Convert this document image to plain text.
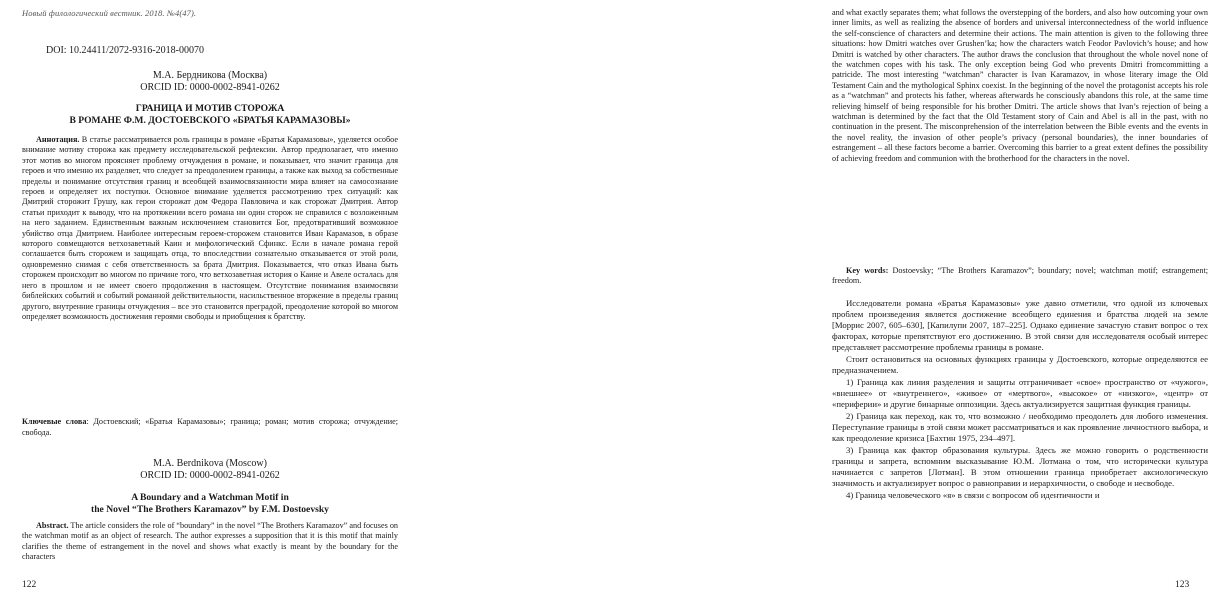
Новый филологический вестник. 2018. №4(47).
DOI: 10.24411/2072-9316-2018-00070
М.А. Бердникова (Москва)
ORCID ID: 0000-0002-8941-0262
ГРАНИЦА И МОТИВ СТОРОЖА
В РОМАНЕ Ф.М. ДОСТОЕВСКОГО «БРАТЬЯ КАРАМАЗОВЫ»

Аннотация. В статье рассматривается роль границы в романе «Братья Карамазовы», уделяется особое внимание мотиву сторожа как предмету исследовательской рефлексии. Автор предполагает, что именно этот мотив во многом проясняет проблему отчуждения в романе, и показывает, что значит граница для героев и что именно их разделяет, что следует за преодолением границы, а также как выход за собственные пределы и понимание отсутствия границ и всеобщей взаимосвязанности мира влияет на самосознание героев и определяет их поступки. Основное внимание уделяется рассмотрению трех ситуаций: как Дмитрий сторожит Грушу, как герои сторожат дом Федора Павловича и как сторожат Дмитрия. Автор статьи приходит к выводу, что на протяжении всего романа ни один сторож не справился с возложенным на него заданием. Единственным важным исключением становится Бог, предотвративший возможное убийство отца Дмитрием. Наиболее интересным героем-сторожем становится Иван Карамазов, в образе которого совмещаются ветхозаветный Каин и мифологический Сфинкс. Если в начале романа герой соглашается быть сторожем и защищать отца, то впоследствии сознательно отказывается от этой роли, одновременно снимая с себя ответственность за брата Дмитрия. Показывается, что отказ Ивана быть сторожем происходит во многом по причине того, что ветхозаветная история о Каине и Авеле осталась для него в прошлом и не имеет своего продолжения в настоящем. Отсутствие понимания взаимосвязи библейских событий и событий романной действительности, насильственное вторжение в пределы границ другого, внутренние границы отчуждения – все это становится преградой, преодоление которой во многом определяет возможность достижения героями свободы и приобщения к братству.

Ключевые слова: Достоевский; «Братья Карамазовы»; граница; роман; мотив сторожа; отчуждение; свобода.

M.A. Berdnikova (Moscow)
ORCID ID: 0000-0002-8941-0262
A Boundary and a Watchman Motif in
the Novel “The Brothers Karamazov” by F.M. Dostoevsky

Abstract. The article considers the role of “boundary” in the novel “The Brothers Karamazov” and focuses on the watchman motif as an object of research. The author expresses a supposition that it is this motif that mainly clarifies the theme of estrangement in the novel and shows what exactly is meant by the boundary for the characters

122
and what exactly separates them; what follows the overstepping of the borders, and also how outcoming your own inner limits, as well as realizing the absence of borders and universal interconnectedness of the world influence the self-conscience of characters and determine their actions. The main attention is given to the following three situations: how Dmitri watches over Grushen’ka; how the characters watch Feodor Pavlovich’s house; and how Dmitri is watched by other characters. The author draws the conclusion that throughout the whole novel none of the watchmen copes with his task. The only exception being God who prevents Dmitri fromcommitting a patricide. The most interesting “watchman” character is Ivan Karamazov, in whose literary image the Old Testament Cain and the mythological Sphinx coexist. In the beginning of the novel the protagonist accepts his role as a “watchman” and protects his father, whereas afterwards he consciously abandons this role, at the same time relieving himself of being responsible for his brother Dmitri. The article shows that Ivan’s rejection of being a watchman is determined by the fact that the Old Testament story of Cain and Abel is all in the past, with no continuation in the present. The misconprehension of the interrelation between the Bible events and the events in the novel reality, the invasion of other people’s privacy (personal boundaries), the inner boundaries of estrangement – all these factors become a barrier. Overcoming this barrier to a great extent defines the possibility of achieving freedom and communion with the brotherhood for the characters in the novel.

Key words: Dostoevsky; “The Brothers Karamazov”; boundary; novel; watchman motif; estrangement; freedom.

Исследователи романа «Братья Карамазовы» уже давно отметили, что одной из ключевых проблем произведения является достижение всеобщего единения и братства людей на земле [Моррис 2007, 605–630], [Капилупи 2007, 187–225]. Однако единение зачастую ставит вопрос о тех факторах, которые препятствуют его достижению. В этой связи для исследователя особый интерес представляет рассмотрение проблемы границы в романе.

Стоит остановиться на основных функциях границы у Достоевского, которые определяются ее предназначением.

1) Граница как линия разделения и защиты отграничивает «свое» пространство от «чужого», «внешнее» от «внутреннего», «живое» от «мертвого», «высокое» от «низкого», «центр» от «периферии» и другие бинарные оппозиции. Здесь актуализируется защитная функция границы.

2) Граница как переход, как то, что возможно / необходимо преодолеть для любого изменения. Переступание границы в этой связи может рассматриваться и как проявление личностного выбора, и как преодоление кризиса [Бахтин 1975, 234–497].

3) Граница как фактор образования культуры. Здесь же можно говорить о родственности границы и запрета, вспомним высказывание Ю.М. Лотмана о том, что исторически культура начинается с запретов [Лотман]. В этом отношении граница приобретает аксиологическую значимость и актуализирует вопрос о равноправии и иерархичности, о свободе и несвободе.

4) Граница человеческого «я» в связи с вопросом об идентичности и

123
